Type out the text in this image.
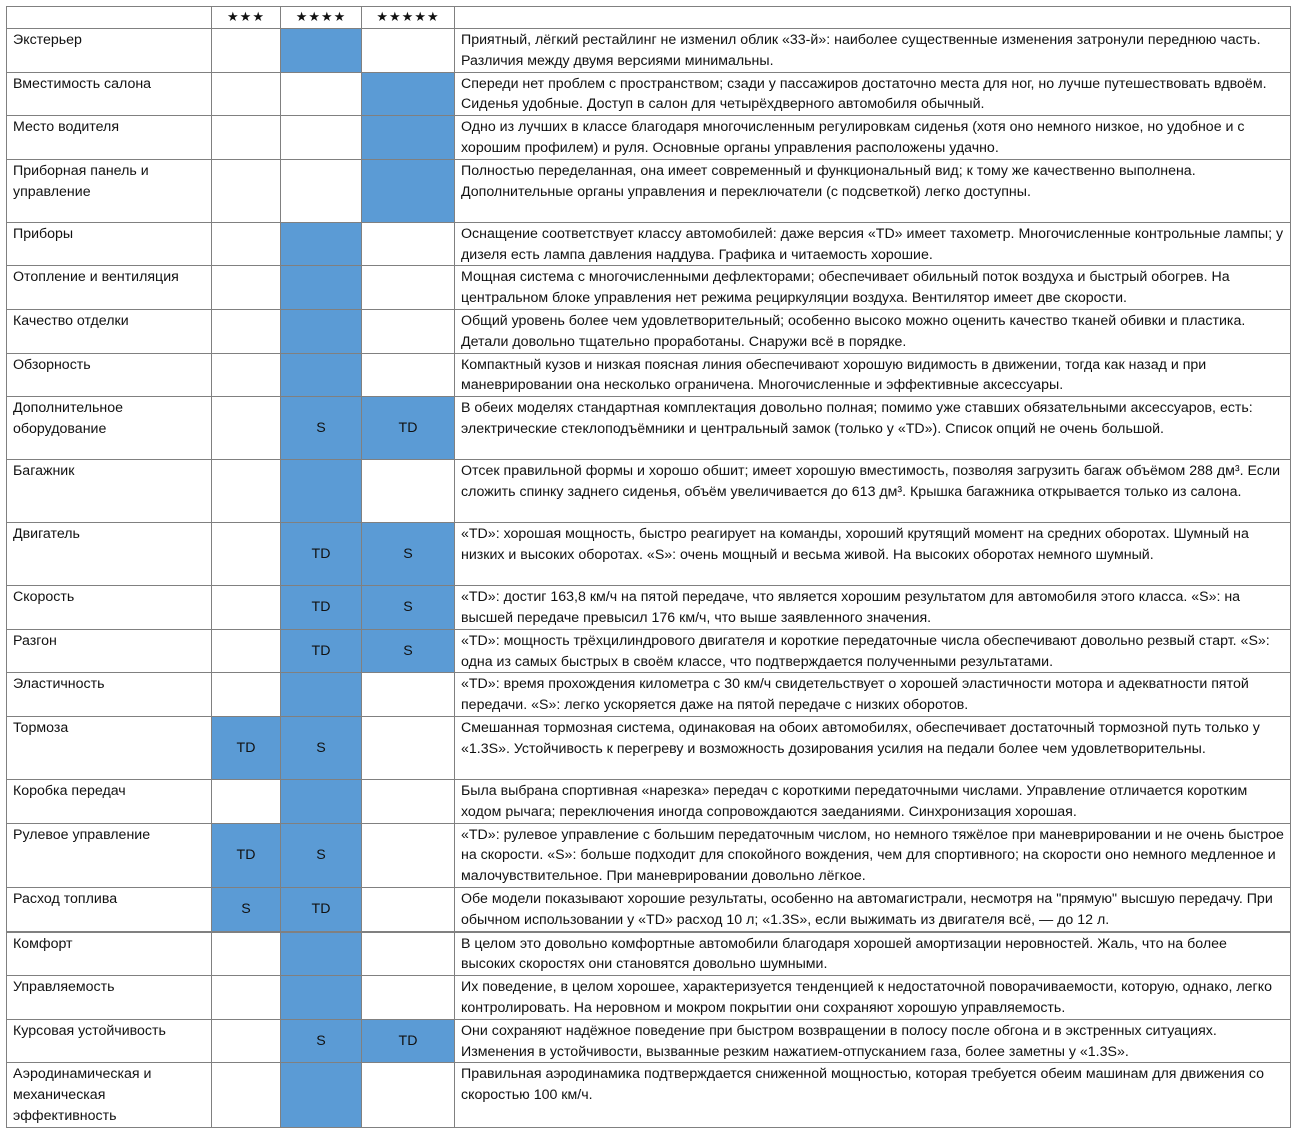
	★★★	★★★★	★★★★★	
Экстерьер				Приятный, лёгкий рестайлинг не изменил облик «33-й»: наиболее существенные изменения затронули переднюю часть. Различия между двумя версиями минимальны.
Вместимость салона				Спереди нет проблем с пространством; сзади у пассажиров достаточно места для ног, но лучше путешествовать вдвоём. Сиденья удобные. Доступ в салон для четырёхдверного автомобиля обычный.
Место водителя				Одно из лучших в классе благодаря многочисленным регулировкам сиденья (хотя оно немного низкое, но удобное и с хорошим профилем) и руля. Основные органы управления расположены удачно.
Приборная панель и управление				Полностью переделанная, она имеет современный и функциональный вид; к тому же качественно выполнена. Дополнительные органы управления и переключатели (с подсветкой) легко доступны.
Приборы				Оснащение соответствует классу автомобилей: даже версия «TD» имеет тахометр. Многочисленные контрольные лампы; у дизеля есть лампа давления наддува. Графика и читаемость хорошие.
Отопление и вентиляция				Мощная система с многочисленными дефлекторами; обеспечивает обильный поток воздуха и быстрый обогрев. На центральном блоке управления нет режима рециркуляции воздуха. Вентилятор имеет две скорости.
Качество отделки				Общий уровень более чем удовлетворительный; особенно высоко можно оценить качество тканей обивки и пластика. Детали довольно тщательно проработаны. Снаружи всё в порядке.
Обзорность				Компактный кузов и низкая поясная линия обеспечивают хорошую видимость в движении, тогда как назад и при маневрировании она несколько ограничена. Многочисленные и эффективные аксессуары.
Дополнительное оборудование		S	TD	В обеих моделях стандартная комплектация довольно полная; помимо уже ставших обязательными аксессуаров, есть: электрические стеклоподъёмники и центральный замок (только у «TD»). Список опций не очень большой.
Багажник				Отсек правильной формы и хорошо обшит; имеет хорошую вместимость, позволяя загрузить багаж объёмом 288 дм³. Если сложить спинку заднего сиденья, объём увеличивается до 613 дм³. Крышка багажника открывается только из салона.
Двигатель		TD	S	«TD»: хорошая мощность, быстро реагирует на команды, хороший крутящий момент на средних оборотах. Шумный на низких и высоких оборотах. «S»: очень мощный и весьма живой. На высоких оборотах немного шумный.
Скорость		TD	S	«TD»: достиг 163,8 км/ч на пятой передаче, что является хорошим результатом для автомобиля этого класса. «S»: на высшей передаче превысил 176 км/ч, что выше заявленного значения.
Разгон		TD	S	«TD»: мощность трёхцилиндрового двигателя и короткие передаточные числа обеспечивают довольно резвый старт. «S»: одна из самых быстрых в своём классе, что подтверждается полученными результатами.
Эластичность				«TD»: время прохождения километра с 30 км/ч свидетельствует о хорошей эластичности мотора и адекватности пятой передачи. «S»: легко ускоряется даже на пятой передаче с низких оборотов.
Тормоза	TD	S		Смешанная тормозная система, одинаковая на обоих автомобилях, обеспечивает достаточный тормозной путь только у «1.3S». Устойчивость к перегреву и возможность дозирования усилия на педали более чем удовлетворительны.
Коробка передач				Была выбрана спортивная «нарезка» передач с короткими передаточными числами. Управление отличается коротким ходом рычага; переключения иногда сопровождаются заеданиями. Синхронизация хорошая.
Рулевое управление	TD	S		«TD»: рулевое управление с большим передаточным числом, но немного тяжёлое при маневрировании и не очень быстрое на скорости. «S»: больше подходит для спокойного вождения, чем для спортивного; на скорости оно немного медленное и малочувствительное. При маневрировании довольно лёгкое.
Расход топлива	S	TD		Обе модели показывают хорошие результаты, особенно на автомагистрали, несмотря на "прямую" высшую передачу. При обычном использовании у «TD» расход 10 л; «1.3S», если выжимать из двигателя всё, — до 12 л.
Комфорт				В целом это довольно комфортные автомобили благодаря хорошей амортизации неровностей. Жаль, что на более высоких скоростях они становятся довольно шумными.
Управляемость				Их поведение, в целом хорошее, характеризуется тенденцией к недостаточной поворачиваемости, которую, однако, легко контролировать. На неровном и мокром покрытии они сохраняют хорошую управляемость.
Курсовая устойчивость		S	TD	Они сохраняют надёжное поведение при быстром возвращении в полосу после обгона и в экстренных ситуациях. Изменения в устойчивости, вызванные резким нажатием-отпусканием газа, более заметны у «1.3S».
Аэродинамическая и механическая эффективность				Правильная аэродинамика подтверждается сниженной мощностью, которая требуется обеим машинам для движения со скоростью 100 км/ч.
